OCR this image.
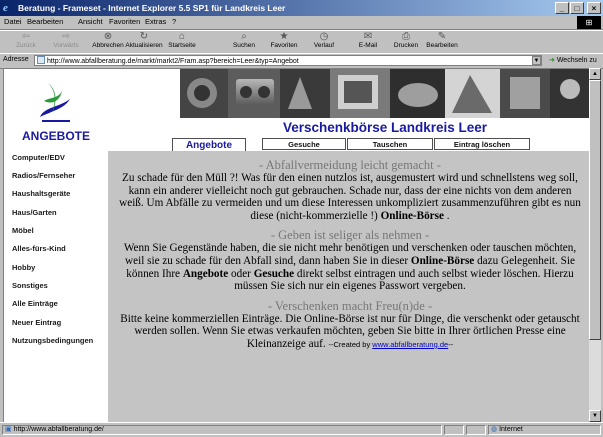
e	Beratung - Frameset - Internet Explorer 5.5 SP1 für Landkreis Leer	_	□	×
Datei Bearbeiten Ansicht Favoriten Extras ?	⊞
⇦
Zurück
⇨
Vorwärts
⊗
Abbrechen
↻
Aktualisieren
⌂
Startseite
⌕
Suchen
★
Favoriten
◷
Verlauf
✉
E-Mail
⎙
Drucken
✎
Bearbeiten
Adresse	http://www.abfallberatung.de/markt/markt2/Fram.asp?bereich=Leer&typ=Angebot	▼ ➜ Wechseln zu
ANGEBOTE
Computer/EDV
Radios/Fernseher
Haushaltsgeräte
Haus/Garten
Möbel
Alles-fürs-Kind
Hobby
Sonstiges
Alle Einträge
Neuer Eintrag
Nutzungsbedingungen
Optimiert für eine Bildschirmauflösung von 800 * 600
Verschenkbörse Landkreis Leer
Angebote	Gesuche	Tauschen	Eintrag löschen
- Abfallvermeidung leicht gemacht -
Zu schade für den Müll ?! Was für den einen nutzlos ist, ausgemustert wird und schnellstens weg soll, kann ein anderer vielleicht noch gut gebrauchen. Schade nur, dass der eine nichts von dem anderen weiß. Um Abfälle zu vermeiden und um diese Interessen unkompliziert zusammenzuführen gibt es nun diese (nicht-kommerzielle !) Online-Börse .
- Geben ist seliger als nehmen -
Wenn Sie Gegenstände haben, die sie nicht mehr benötigen und verschenken oder tauschen möchten, weil sie zu schade für den Abfall sind, dann haben Sie in dieser Online-Börse dazu Gelegenheit. Sie können Ihre Angebote oder Gesuche direkt selbst eintragen und auch selbst wieder löschen. Hierzu müssen Sie sich nur ein eigenes Passwort vergeben.
- Verschenken macht Freu(n)de -
Bitte keine kommerziellen Einträge. Die Online-Börse ist nur für Dinge, die verschenkt oder getauscht werden sollen. Wenn Sie etwas verkaufen möchten, geben Sie bitte in Ihrer örtlichen Presse eine Kleinanzeige auf. --Created by www.abfallberatung.de--
▲
▼
▣ http://www.abfallberatung.de/	◍ Internet
